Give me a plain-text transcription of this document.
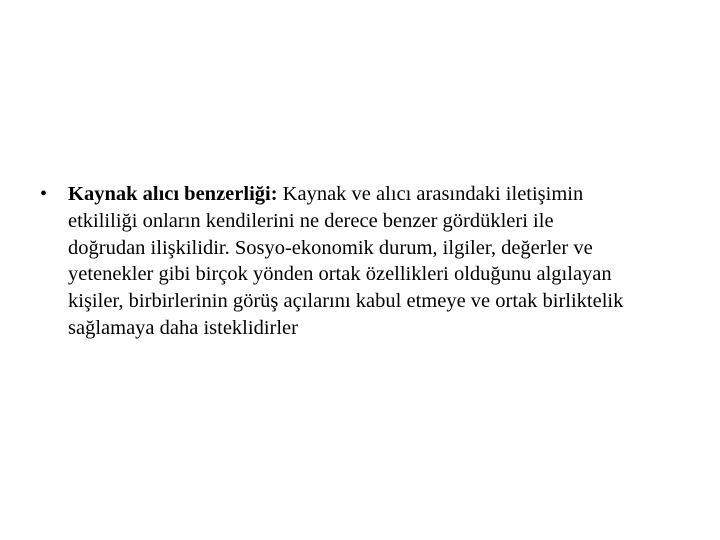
• Kaynak alıcı benzerliği: Kaynak ve alıcı arasındaki iletişimin etkililiği onların kendilerini ne derece benzer gördükleri ile doğrudan ilişkilidir. Sosyo-ekonomik durum, ilgiler, değerler ve yetenekler gibi birçok yönden ortak özellikleri olduğunu algılayan kişiler, birbirlerinin görüş açılarını kabul etmeye ve ortak birliktelik sağlamaya daha isteklidirler
